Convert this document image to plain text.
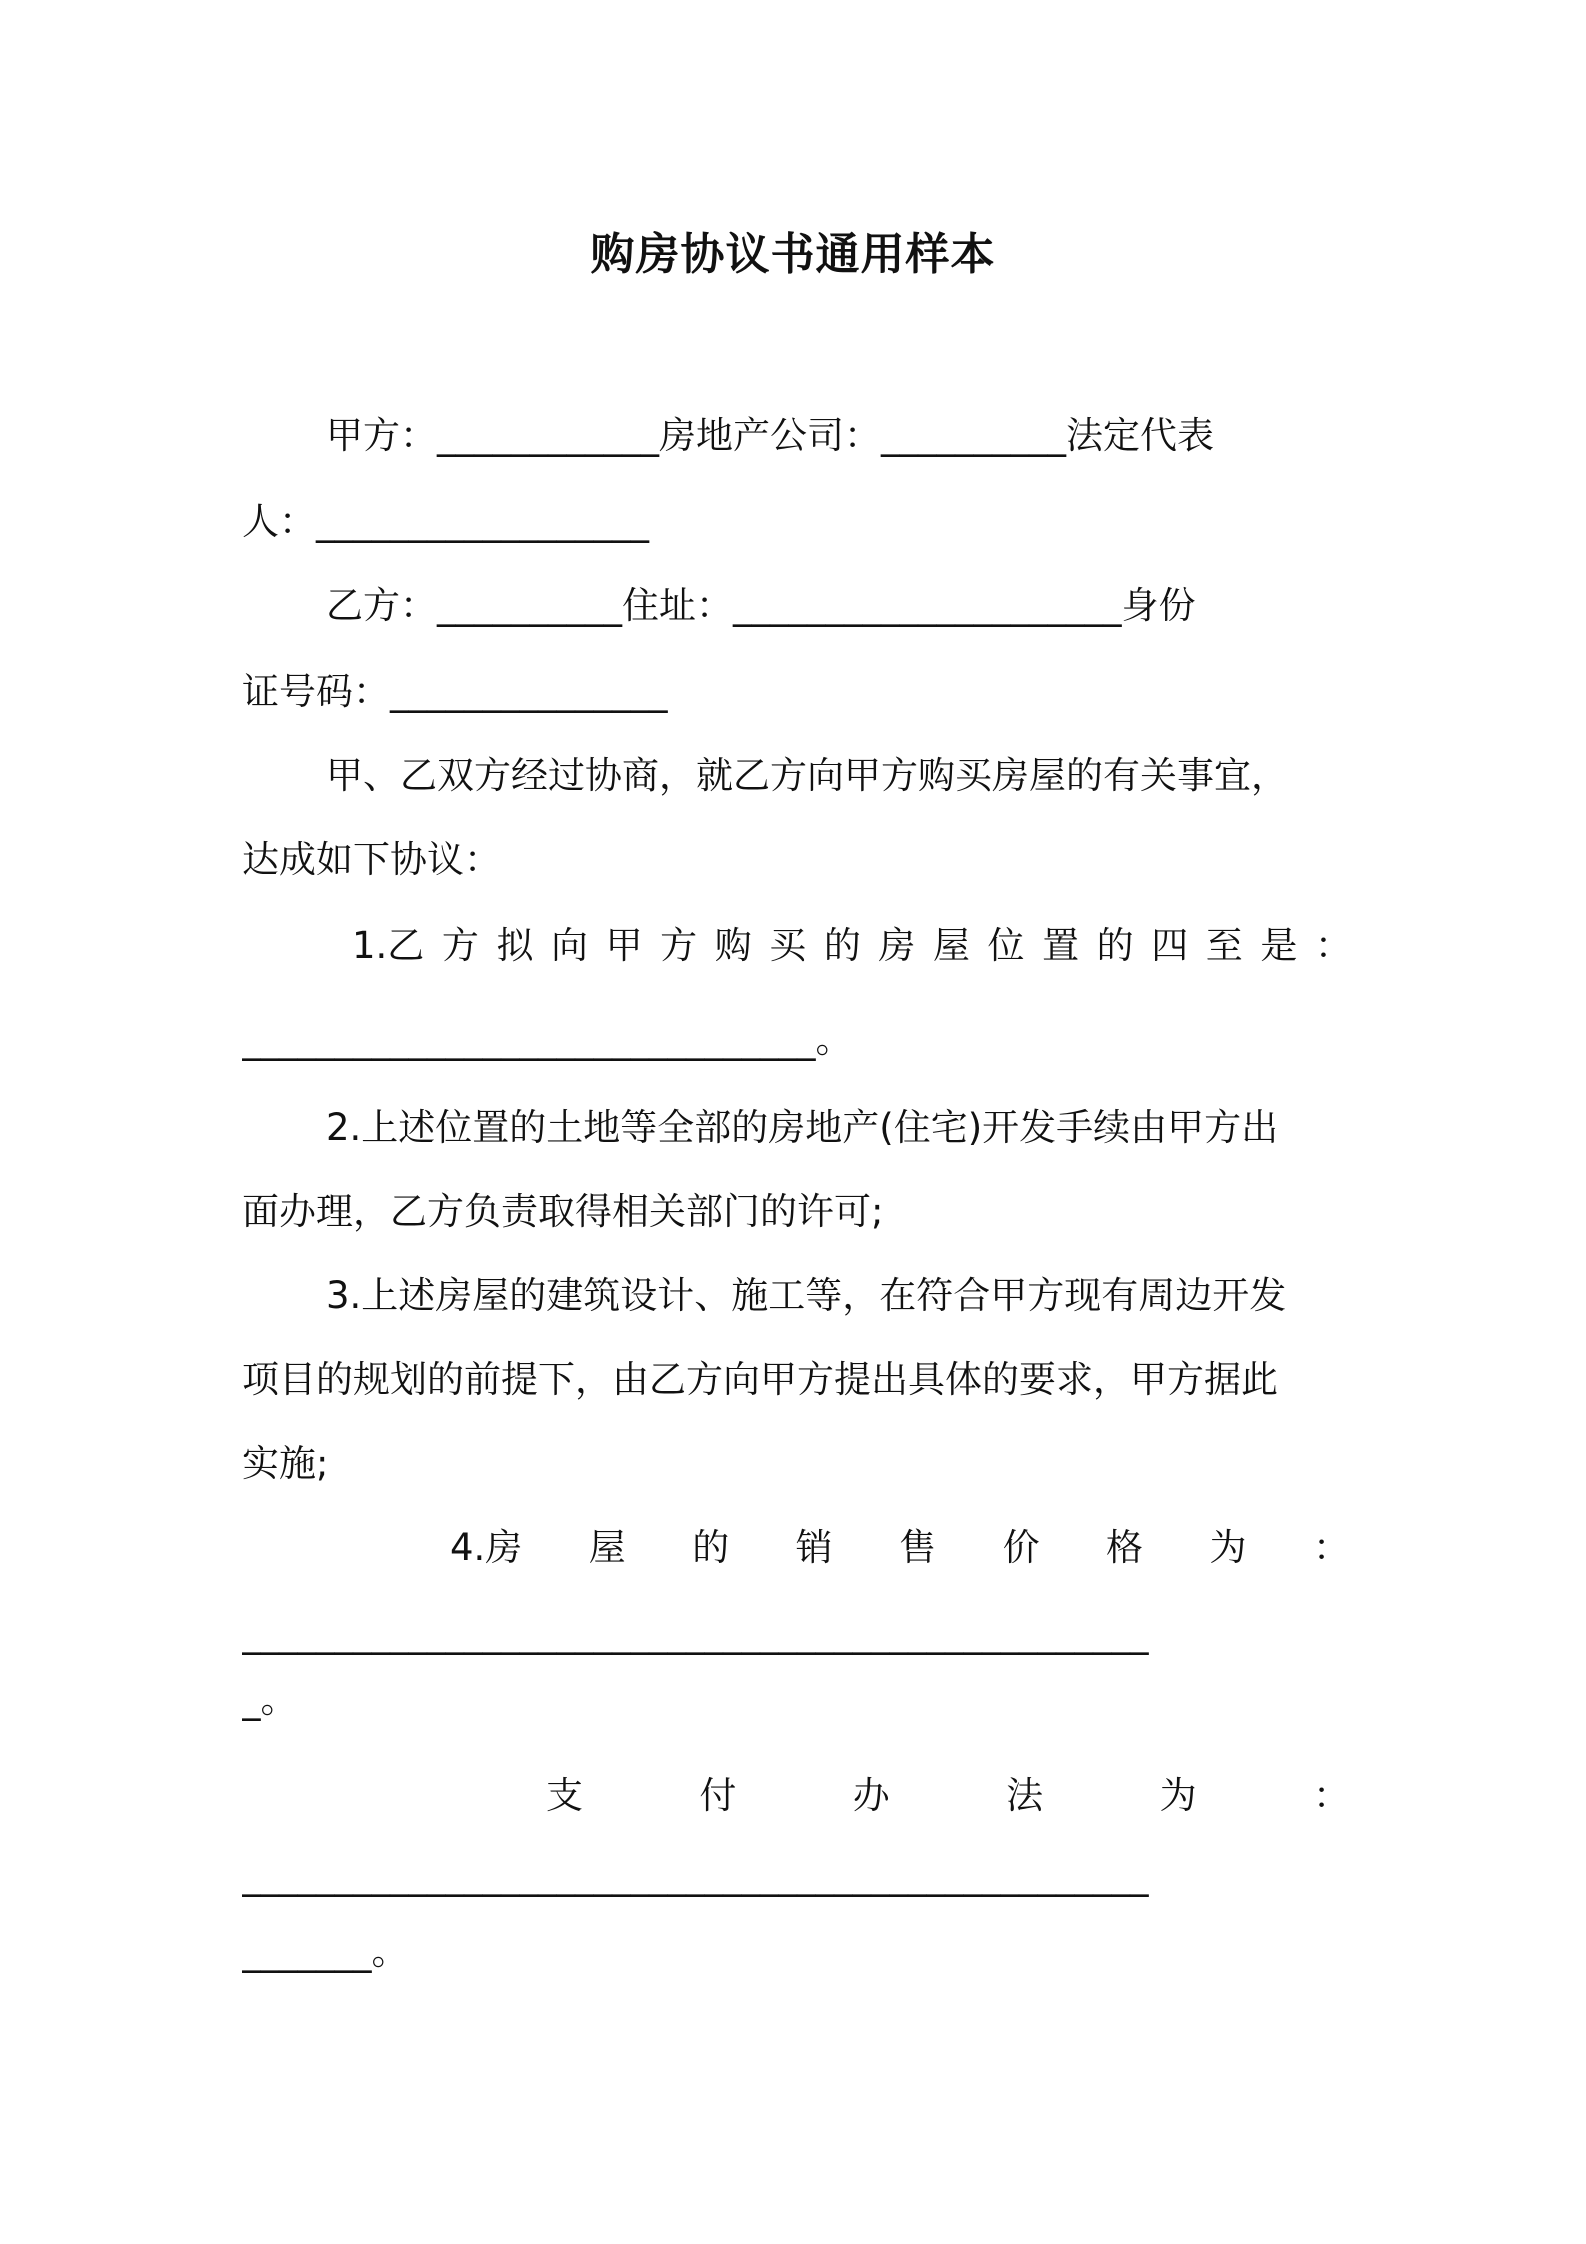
购房协议书通用样本
甲方：____________房地产公司：__________法定代表
人：__________________
乙方：__________住址：_____________________身份
证号码：_______________
甲、乙双方经过协商，就乙方向甲方购买房屋的有关事宜，
达成如下协议：
1.乙 方 拟 向 甲 方 购 买 的 房 屋 位 置 的 四 至 是 ：
_______________________________。
2.上述位置的土地等全部的房地产(住宅)开发手续由甲方出
面办理，乙方负责取得相关部门的许可;
3.上述房屋的建筑设计、施工等，在符合甲方现有周边开发
项目的规划的前提下，由乙方向甲方提出具体的要求，甲方据此
实施;
4.房 屋 的 销 售 价 格 为 ：
_________________________________________________
_。
支	付	办	法	为	：
_________________________________________________
_______。
